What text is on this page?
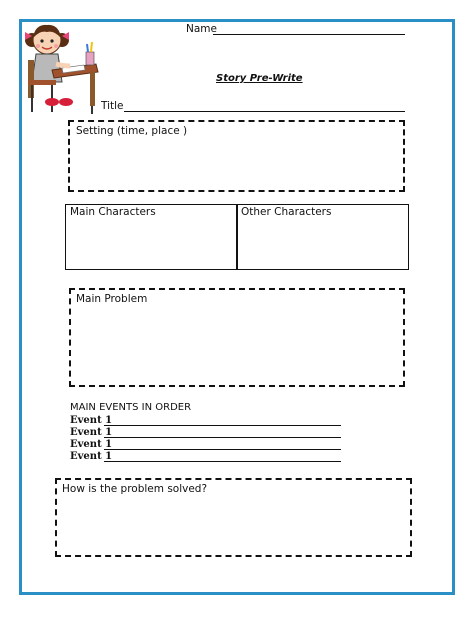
Name
Story Pre-Write
Title
Setting (time, place )
Main Characters	Other Characters
Main Problem
MAIN EVENTS IN ORDER
Event 1
Event 1
Event 1
Event 1
How is the problem solved?
